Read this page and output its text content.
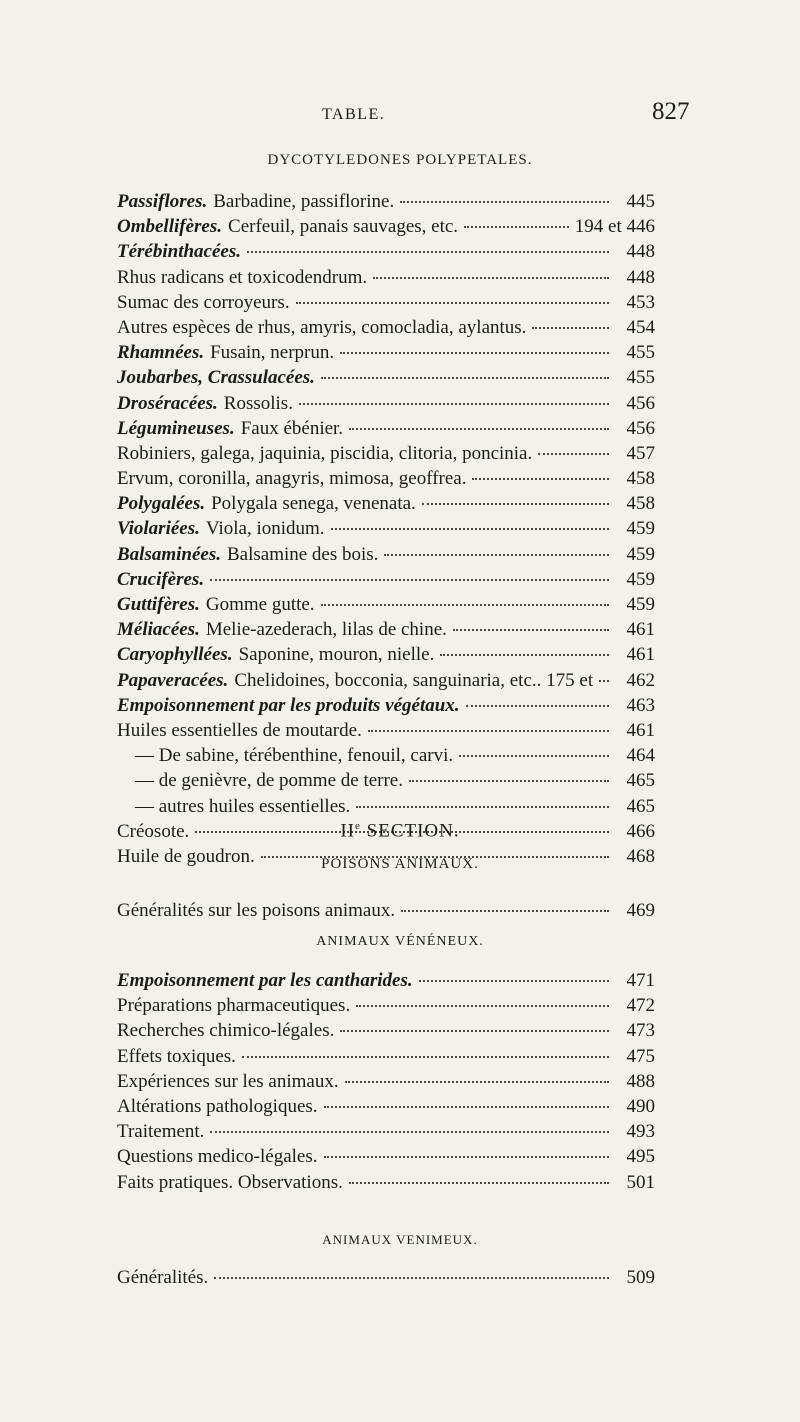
TABLE.	827
DYCOTYLEDONES POLYPETALES.
Passiflores. Barbadine, passiflorine.	445
Ombellifères. Cerfeuil, panais sauvages, etc.	194 et 446
Térébinthacées.	448
Rhus radicans et toxicodendrum.	448
Sumac des corroyeurs.	453
Autres espèces de rhus, amyris, comocladia, aylantus.	454
Rhamnées. Fusain, nerprun.	455
Joubarbes, Crassulacées.	455
Droséracées. Rossolis.	456
Légumineuses. Faux ébénier.	456
Robiniers, galega, jaquinia, piscidia, clitoria, poncinia.	457
Ervum, coronilla, anagyris, mimosa, geoffrea.	458
Polygalées. Polygala senega, venenata.	458
Violariées. Viola, ionidum.	459
Balsaminées. Balsamine des bois.	459
Crucifères.	459
Guttifères. Gomme gutte.	459
Méliacées. Melie-azederach, lilas de chine.	461
Caryophyllées. Saponine, mouron, nielle.	461
Papaveracées. Chelidoines, bocconia, sanguinaria, etc.. 175 et	462
Empoisonnement par les produits végétaux.	463
Huiles essentielles de moutarde.	461
— De sabine, térébenthine, fenouil, carvi.	464
— de genièvre, de pomme de terre.	465
— autres huiles essentielles.	465
Créosote.	466
Huile de goudron.	468
IIe SECTION.
POISONS ANIMAUX.
Généralités sur les poisons animaux.	469
ANIMAUX VÉNÉNEUX.
Empoisonnement par les cantharides.	471
Préparations pharmaceutiques.	472
Recherches chimico-légales.	473
Effets toxiques.	475
Expériences sur les animaux.	488
Altérations pathologiques.	490
Traitement.	493
Questions medico-légales.	495
Faits pratiques. Observations.	501
ANIMAUX VENIMEUX.
Généralités.	509
